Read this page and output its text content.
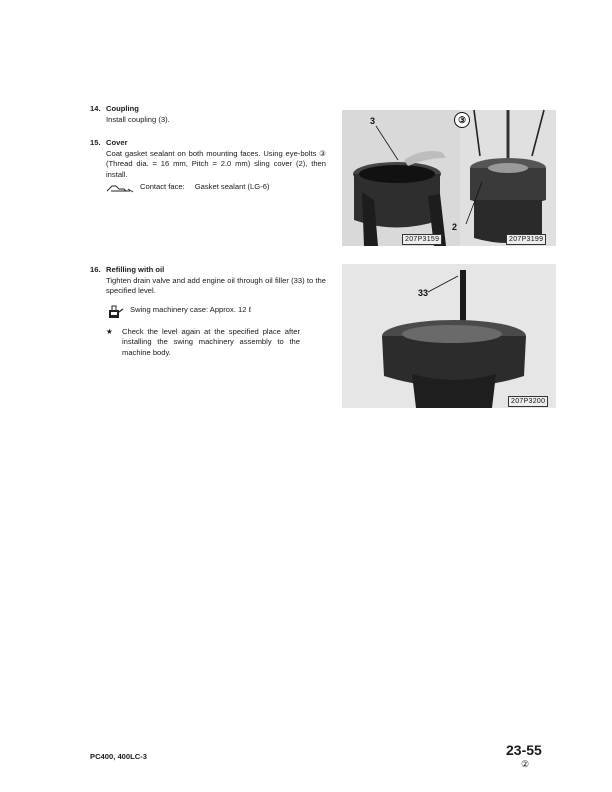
14. Coupling
Install coupling (3).
15. Cover
Coat gasket sealant on both mounting faces. Using eye-bolts ③ (Thread dia. = 16 mm, Pitch = 2.0 mm) sling cover (2), then install.
Contact face: Gasket sealant (LG-6)
16. Refilling with oil
Tighten drain valve and add engine oil through oil filler (33) to the specified level.
Swing machinery case: Approx. 12 ℓ
★	Check the level again at the specified place after installing the swing machinery assembly to the machine body.
3
207P3159
③
2
207P3199
33
207P3200
PC400, 400LC-3	23-55
②
